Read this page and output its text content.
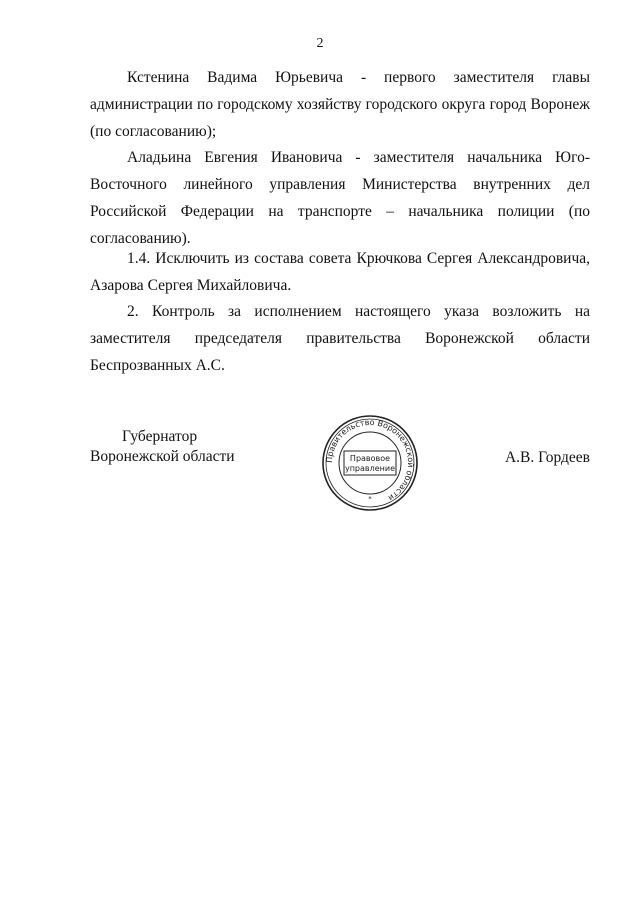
2

Кстенина Вадима Юрьевича - первого заместителя главы администрации по городскому хозяйству городского округа город Воронеж (по согласованию);

Аладьина Евгения Ивановича - заместителя начальника Юго-Восточного линейного управления Министерства внутренних дел Российской Федерации на транспорте – начальника полиции (по согласованию).

1.4. Исключить из состава совета Крючкова Сергея Александровича, Азарова Сергея Михайловича.

2. Контроль за исполнением настоящего указа возложить на заместителя председателя правительства Воронежской области Беспрозванных А.С.

Губернатор
Воронежской области	Правительство Воронежской области
Правовое
управление
*
А.В. Гордеев
